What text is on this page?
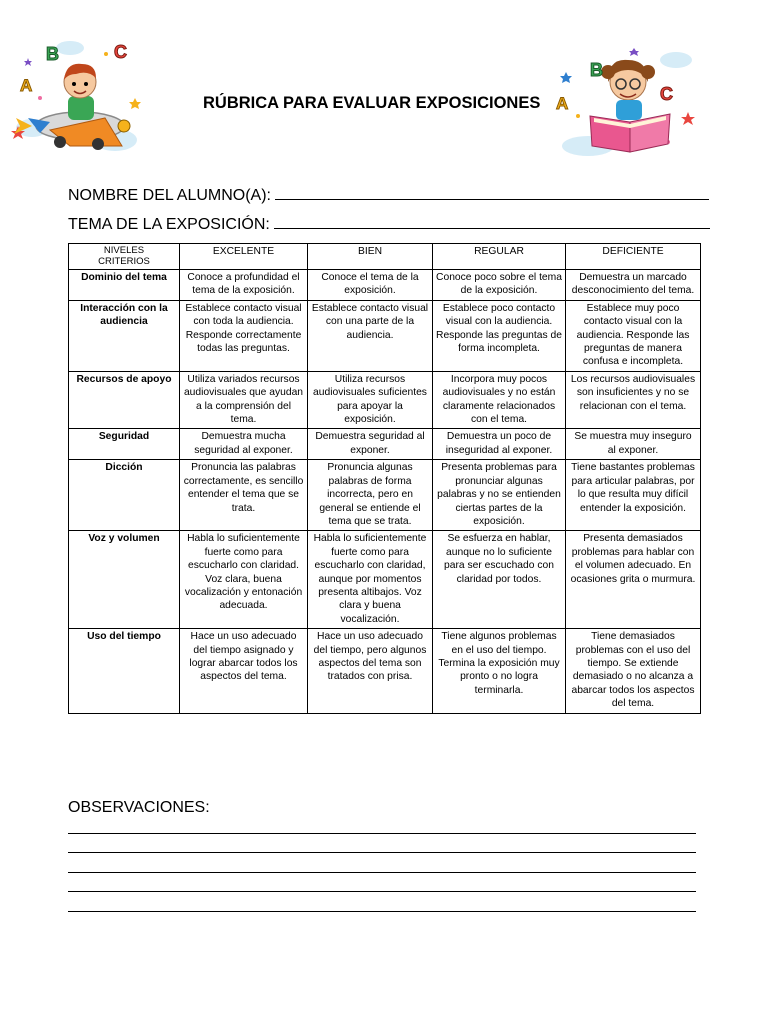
A
B	C
RÚBRICA PARA EVALUAR EXPOSICIONES A
B
C
NOMBRE DEL ALUMNO(A):
TEMA DE LA EXPOSICIÓN:
NIVELES
CRITERIOS	EXCELENTE	BIEN	REGULAR	DEFICIENTE
Dominio del tema	Conoce a profundidad el tema de la exposición.	Conoce el tema de la exposición.	Conoce poco sobre el tema de la exposición.	Demuestra un marcado desconocimiento del tema.
Interacción con la audiencia	Establece contacto visual con toda la audiencia. Responde correctamente todas las preguntas.	Establece contacto visual con una parte de la audiencia.	Establece poco contacto visual con la audiencia. Responde las preguntas de forma incompleta.	Establece muy poco contacto visual con la audiencia. Responde las preguntas de manera confusa e incompleta.
Recursos de apoyo	Utiliza variados recursos audiovisuales que ayudan a la comprensión del tema.	Utiliza recursos audiovisuales suficientes para apoyar la exposición.	Incorpora muy pocos audiovisuales y no están claramente relacionados con el tema.	Los recursos audiovisuales son insuficientes y no se relacionan con el tema.
Seguridad	Demuestra mucha seguridad al exponer.	Demuestra seguridad al exponer.	Demuestra un poco de inseguridad al exponer.	Se muestra muy inseguro al exponer.
Dicción	Pronuncia las palabras correctamente, es sencillo entender el tema que se trata.	Pronuncia algunas palabras de forma incorrecta, pero en general se entiende el tema que se trata.	Presenta problemas para pronunciar algunas palabras y no se entienden ciertas partes de la exposición.	Tiene bastantes problemas para articular palabras, por lo que resulta muy difícil entender la exposición.
Voz y volumen	Habla lo suficientemente fuerte como para escucharlo con claridad. Voz clara, buena vocalización y entonación adecuada.	Habla lo suficientemente fuerte como para escucharlo con claridad, aunque por momentos presenta altibajos. Voz clara y buena vocalización.	Se esfuerza en hablar, aunque no lo suficiente para ser escuchado con claridad por todos.	Presenta demasiados problemas para hablar con el volumen adecuado. En ocasiones grita o murmura.
Uso del tiempo	Hace un uso adecuado del tiempo asignado y lograr abarcar todos los aspectos del tema.	Hace un uso adecuado del tiempo, pero algunos aspectos del tema son tratados con prisa.	Tiene algunos problemas en el uso del tiempo. Termina la exposición muy pronto o no logra terminarla.	Tiene demasiados problemas con el uso del tiempo. Se extiende demasiado o no alcanza a abarcar todos los aspectos del tema.
OBSERVACIONES:
